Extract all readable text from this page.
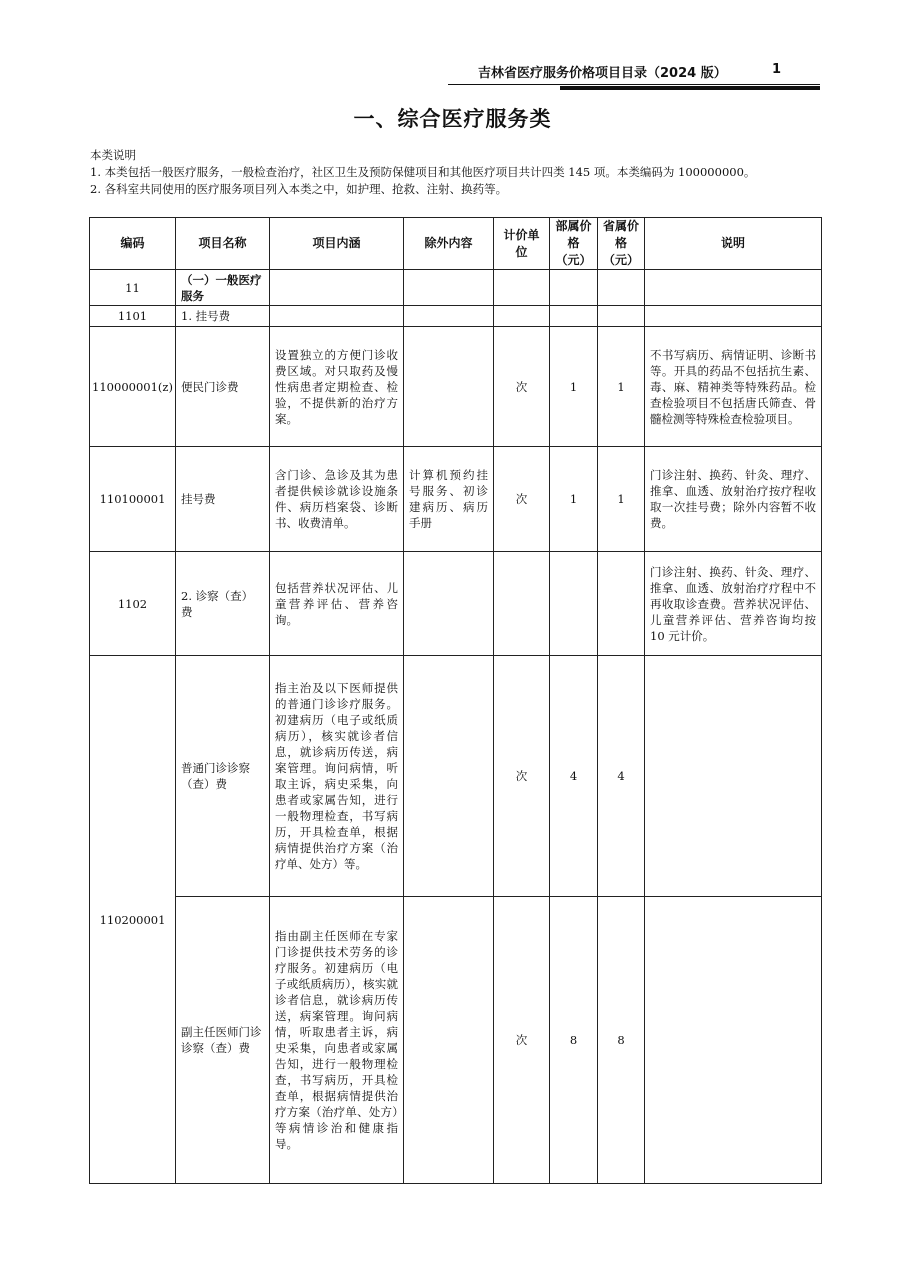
吉林省医疗服务价格项目目录（2024 版）	1
一、综合医疗服务类
本类说明
1. 本类包括一般医疗服务，一般检查治疗，社区卫生及预防保健项目和其他医疗项目共计四类 145 项。本类编码为 100000000。
2. 各科室共同使用的医疗服务项目列入本类之中，如护理、抢救、注射、换药等。
编码	项目名称	项目内涵	除外内容	计价单位	部属价格（元）	省属价格（元）	说明
11	（一）一般医疗服务						
1101	1. 挂号费						
110000001(z)	便民门诊费	设置独立的方便门诊收费区域。对只取药及慢性病患者定期检查、检验，不提供新的治疗方案。		次	1	1	不书写病历、病情证明、诊断书等。开具的药品不包括抗生素、毒、麻、精神类等特殊药品。检查检验项目不包括唐氏筛查、骨髓检测等特殊检查检验项目。
110100001	挂号费	含门诊、急诊及其为患者提供候诊就诊设施条件、病历档案袋、诊断书、收费清单。	计算机预约挂号服务、初诊建病历、病历手册	次	1	1	门诊注射、换药、针灸、理疗、推拿、血透、放射治疗按疗程收取一次挂号费；除外内容暂不收费。
1102	2. 诊察（查）费	包括营养状况评估、儿童营养评估、营养咨询。					门诊注射、换药、针灸、理疗、推拿、血透、放射治疗疗程中不再收取诊查费。营养状况评估、儿童营养评估、营养咨询均按 10 元计价。
110200001	普通门诊诊察（查）费	指主治及以下医师提供的普通门诊诊疗服务。初建病历（电子或纸质病历），核实就诊者信息，就诊病历传送，病案管理。询问病情，听取主诉，病史采集，向患者或家属告知，进行一般物理检查，书写病历，开具检查单，根据病情提供治疗方案（治疗单、处方）等。		次	4	4	
	副主任医师门诊诊察（查）费	指由副主任医师在专家门诊提供技术劳务的诊疗服务。初建病历（电子或纸质病历），核实就诊者信息，就诊病历传送，病案管理。询问病情，听取患者主诉，病史采集，向患者或家属告知，进行一般物理检查，书写病历，开具检查单，根据病情提供治疗方案（治疗单、处方）等病情诊治和健康指导。		次	8	8	
